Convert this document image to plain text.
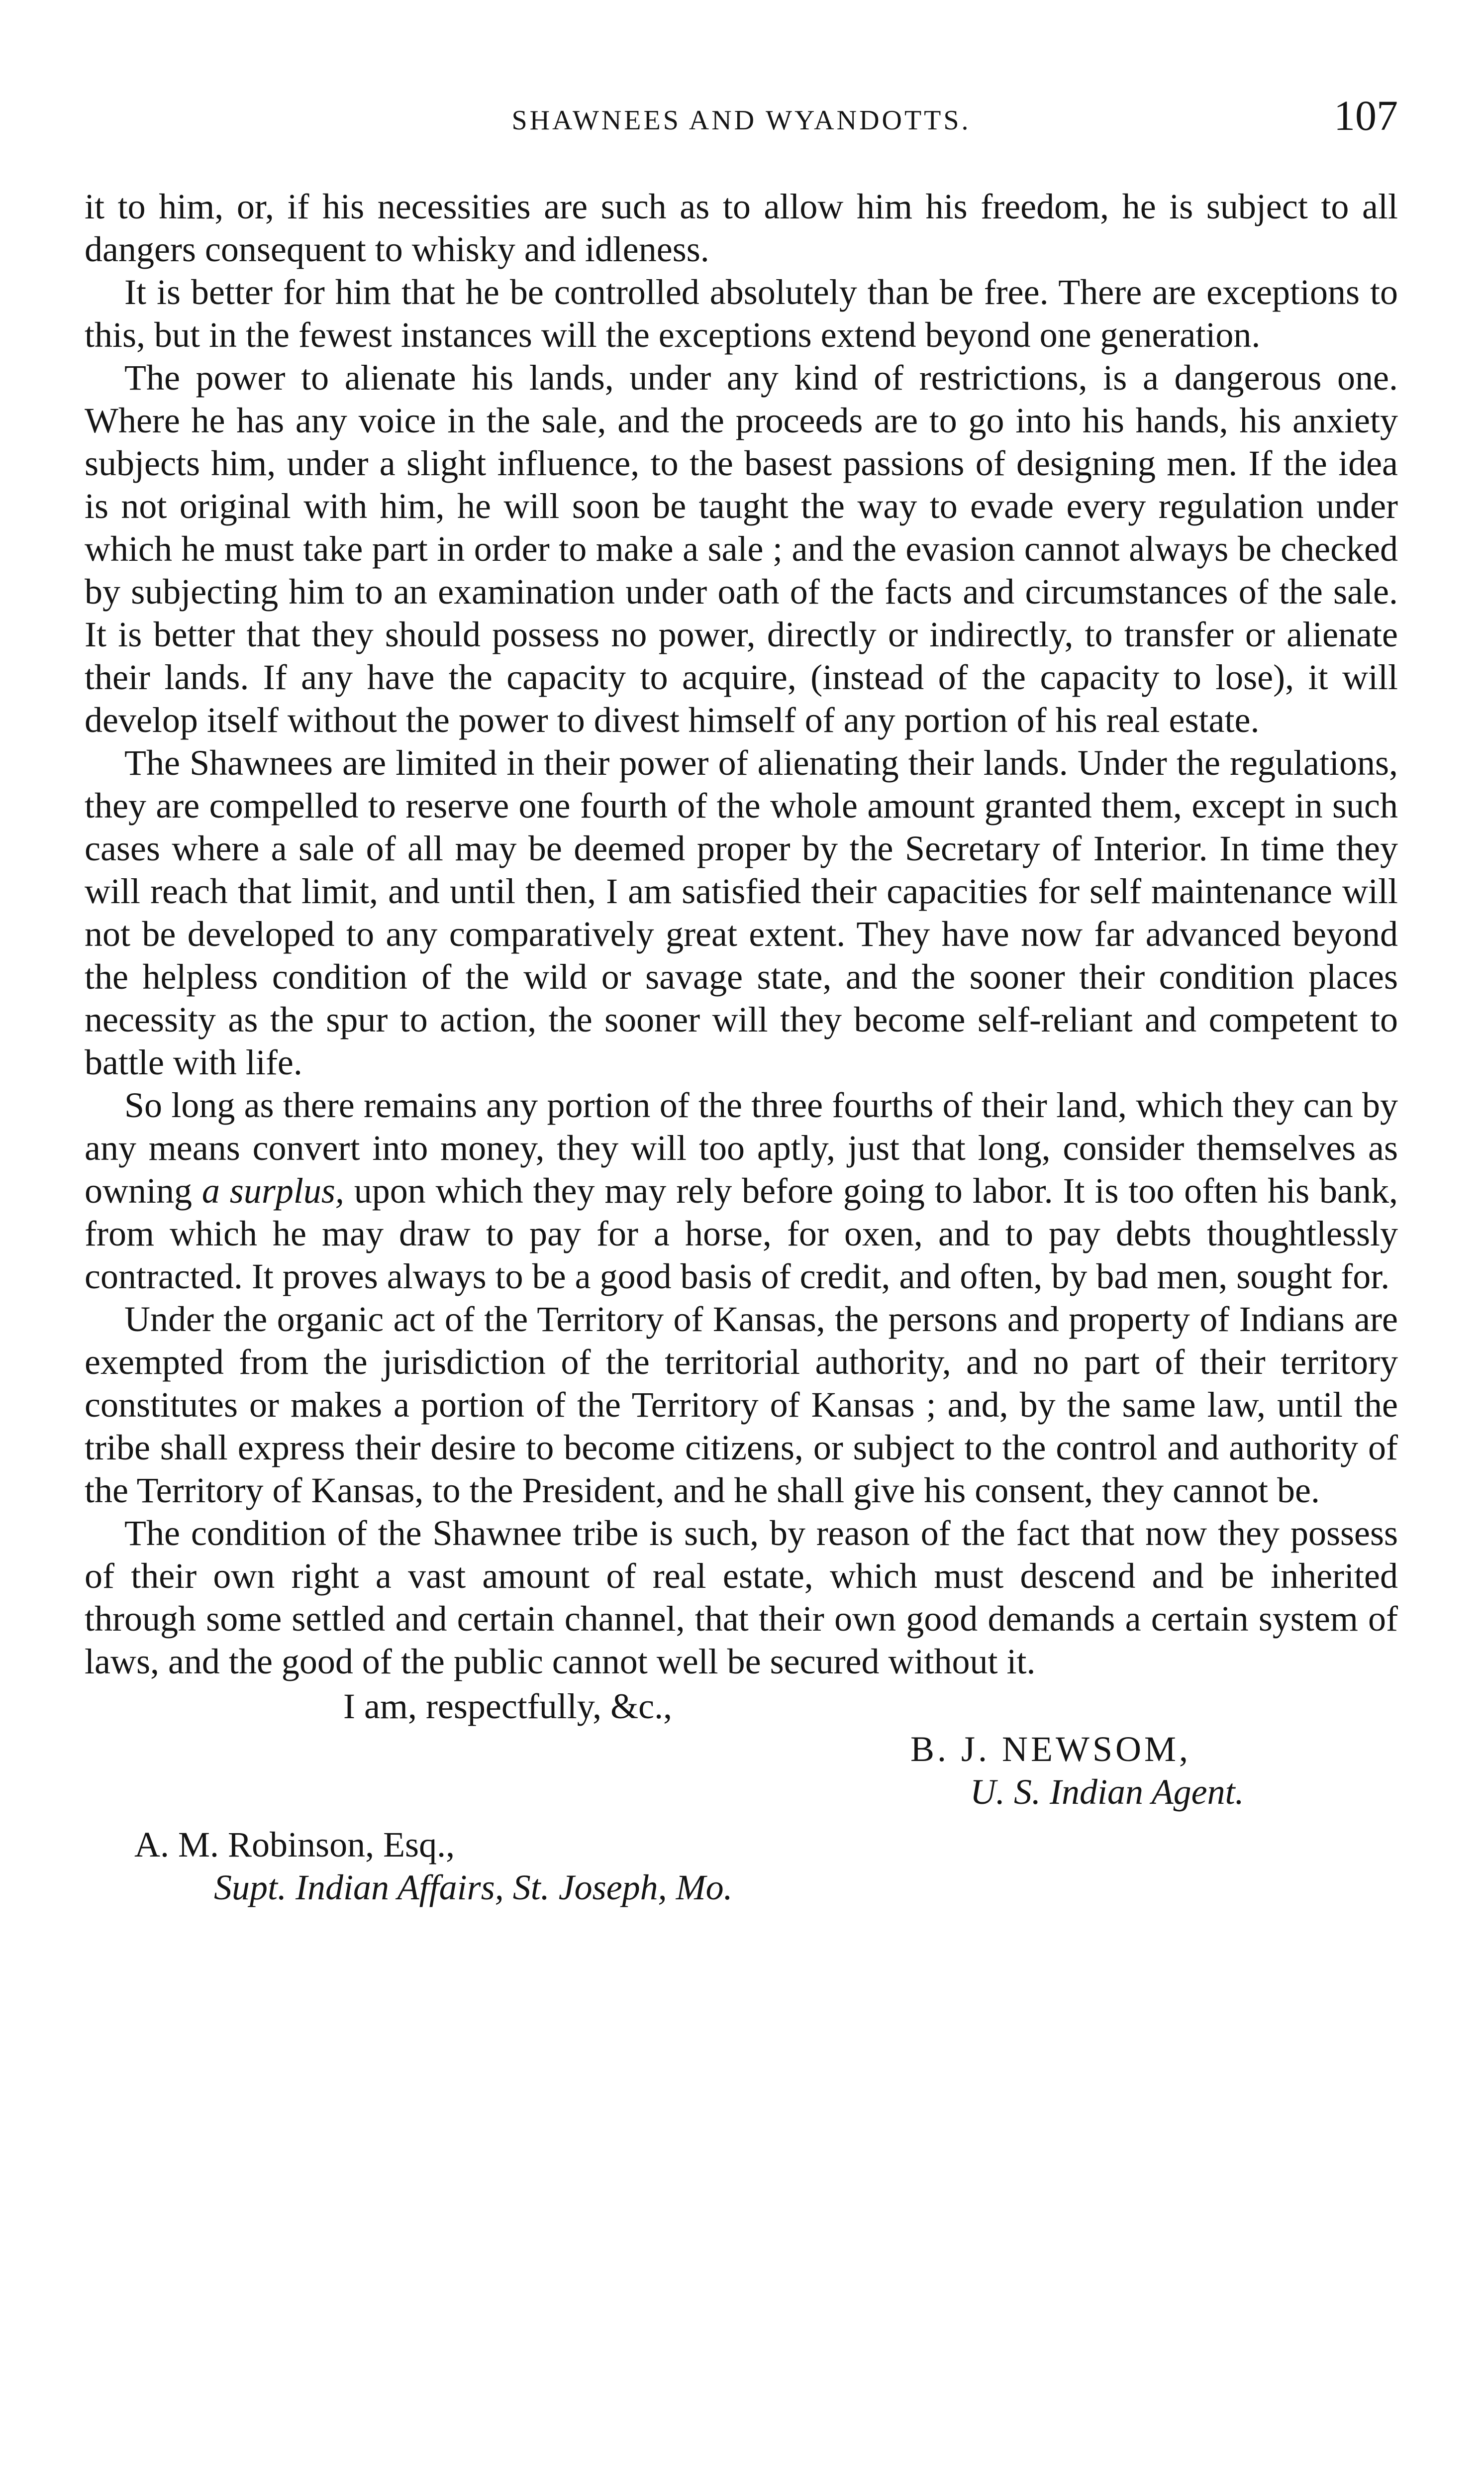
SHAWNEES AND WYANDOTTS.	107

it to him, or, if his necessities are such as to allow him his freedom, he is subject to all dangers consequent to whisky and idleness.

It is better for him that he be controlled absolutely than be free. There are exceptions to this, but in the fewest instances will the exceptions extend beyond one generation.

The power to alienate his lands, under any kind of restrictions, is a dangerous one. Where he has any voice in the sale, and the proceeds are to go into his hands, his anxiety subjects him, under a slight influence, to the basest passions of designing men. If the idea is not original with him, he will soon be taught the way to evade every regulation under which he must take part in order to make a sale ; and the evasion cannot always be checked by subjecting him to an examination under oath of the facts and circumstances of the sale. It is better that they should possess no power, directly or indirectly, to transfer or alienate their lands. If any have the capacity to acquire, (instead of the capacity to lose), it will develop itself without the power to divest himself of any portion of his real estate.

The Shawnees are limited in their power of alienating their lands. Under the regulations, they are compelled to reserve one fourth of the whole amount granted them, except in such cases where a sale of all may be deemed proper by the Secretary of Interior. In time they will reach that limit, and until then, I am satisfied their capacities for self maintenance will not be developed to any comparatively great extent. They have now far advanced beyond the helpless condition of the wild or savage state, and the sooner their condition places necessity as the spur to action, the sooner will they become self-reliant and competent to battle with life.

So long as there remains any portion of the three fourths of their land, which they can by any means convert into money, they will too aptly, just that long, consider themselves as owning a surplus, upon which they may rely before going to labor. It is too often his bank, from which he may draw to pay for a horse, for oxen, and to pay debts thoughtlessly contracted. It proves always to be a good basis of credit, and often, by bad men, sought for.

Under the organic act of the Territory of Kansas, the persons and property of Indians are exempted from the jurisdiction of the territorial authority, and no part of their territory constitutes or makes a portion of the Territory of Kansas ; and, by the same law, until the tribe shall express their desire to become citizens, or subject to the control and authority of the Territory of Kansas, to the President, and he shall give his consent, they cannot be.

The condition of the Shawnee tribe is such, by reason of the fact that now they possess of their own right a vast amount of real estate, which must descend and be inherited through some settled and certain channel, that their own good demands a certain system of laws, and the good of the public cannot well be secured without it.

I am, respectfully, &c.,
B. J. NEWSOM,
U. S. Indian Agent.
A. M. Robinson, Esq.,
Supt. Indian Affairs, St. Joseph, Mo.
